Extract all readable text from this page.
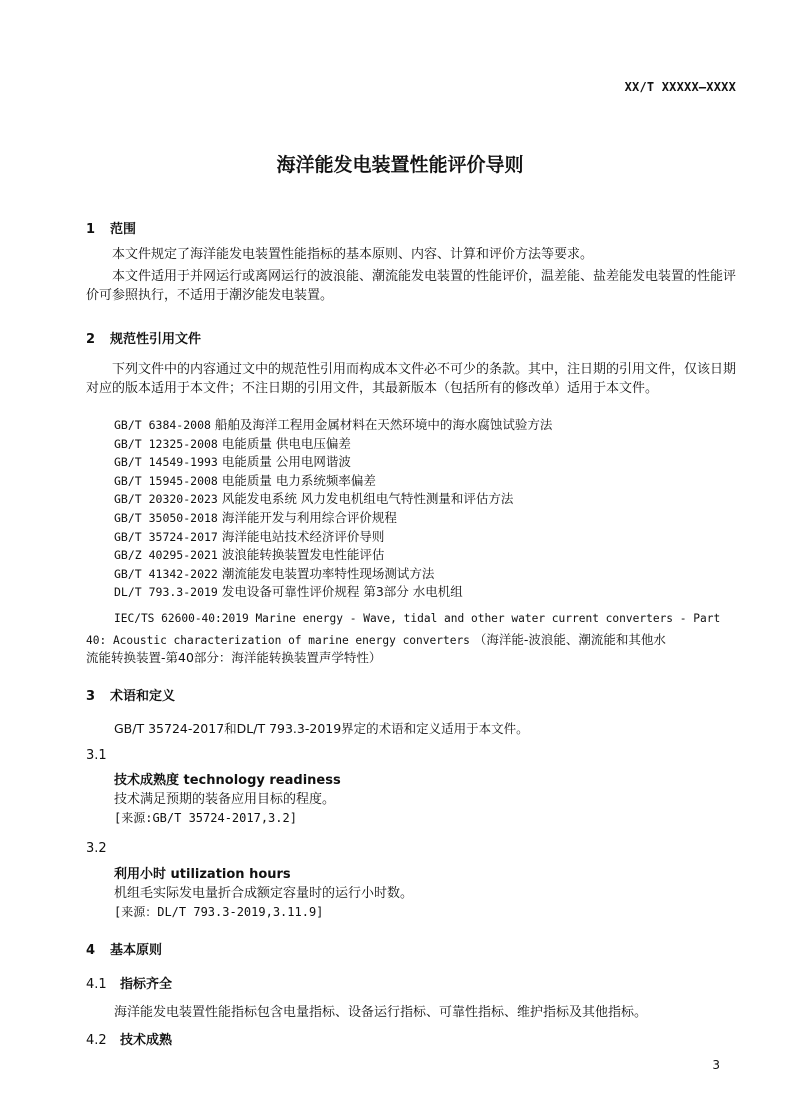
XX/T XXXXX—XXXX
海洋能发电装置性能评价导则
1 范围
本文件规定了海洋能发电装置性能指标的基本原则、内容、计算和评价方法等要求。
本文件适用于并网运行或离网运行的波浪能、潮流能发电装置的性能评价，温差能、盐差能发电装置的性能评价可参照执行，不适用于潮汐能发电装置。
2 规范性引用文件
下列文件中的内容通过文中的规范性引用而构成本文件必不可少的条款。其中，注日期的引用文件，仅该日期对应的版本适用于本文件；不注日期的引用文件，其最新版本（包括所有的修改单）适用于本文件。
GB/T 6384-2008 船舶及海洋工程用金属材料在天然环境中的海水腐蚀试验方法
GB/T 12325-2008 电能质量 供电电压偏差
GB/T 14549-1993 电能质量 公用电网谐波
GB/T 15945-2008 电能质量 电力系统频率偏差
GB/T 20320-2023 风能发电系统 风力发电机组电气特性测量和评估方法
GB/T 35050-2018 海洋能开发与利用综合评价规程
GB/T 35724-2017 海洋能电站技术经济评价导则
GB/Z 40295-2021 波浪能转换装置发电性能评估
GB/T 41342-2022 潮流能发电装置功率特性现场测试方法
DL/T 793.3-2019 发电设备可靠性评价规程 第3部分 水电机组
IEC/TS 62600-40:2019 Marine energy - Wave, tidal and other water current converters - Part
40: Acoustic characterization of marine energy converters （海洋能-波浪能、潮流能和其他水
流能转换装置-第40部分：海洋能转换装置声学特性）
3 术语和定义
GB/T 35724-2017和DL/T 793.3-2019界定的术语和定义适用于本文件。
3.1
技术成熟度 technology readiness
技术满足预期的装备应用目标的程度。
[来源:GB/T 35724-2017,3.2]
3.2
利用小时 utilization hours
机组毛实际发电量折合成额定容量时的运行小时数。
[来源：DL/T 793.3-2019,3.11.9]
4 基本原则
4.1 指标齐全
海洋能发电装置性能指标包含电量指标、设备运行指标、可靠性指标、维护指标及其他指标。
4.2 技术成熟
3
